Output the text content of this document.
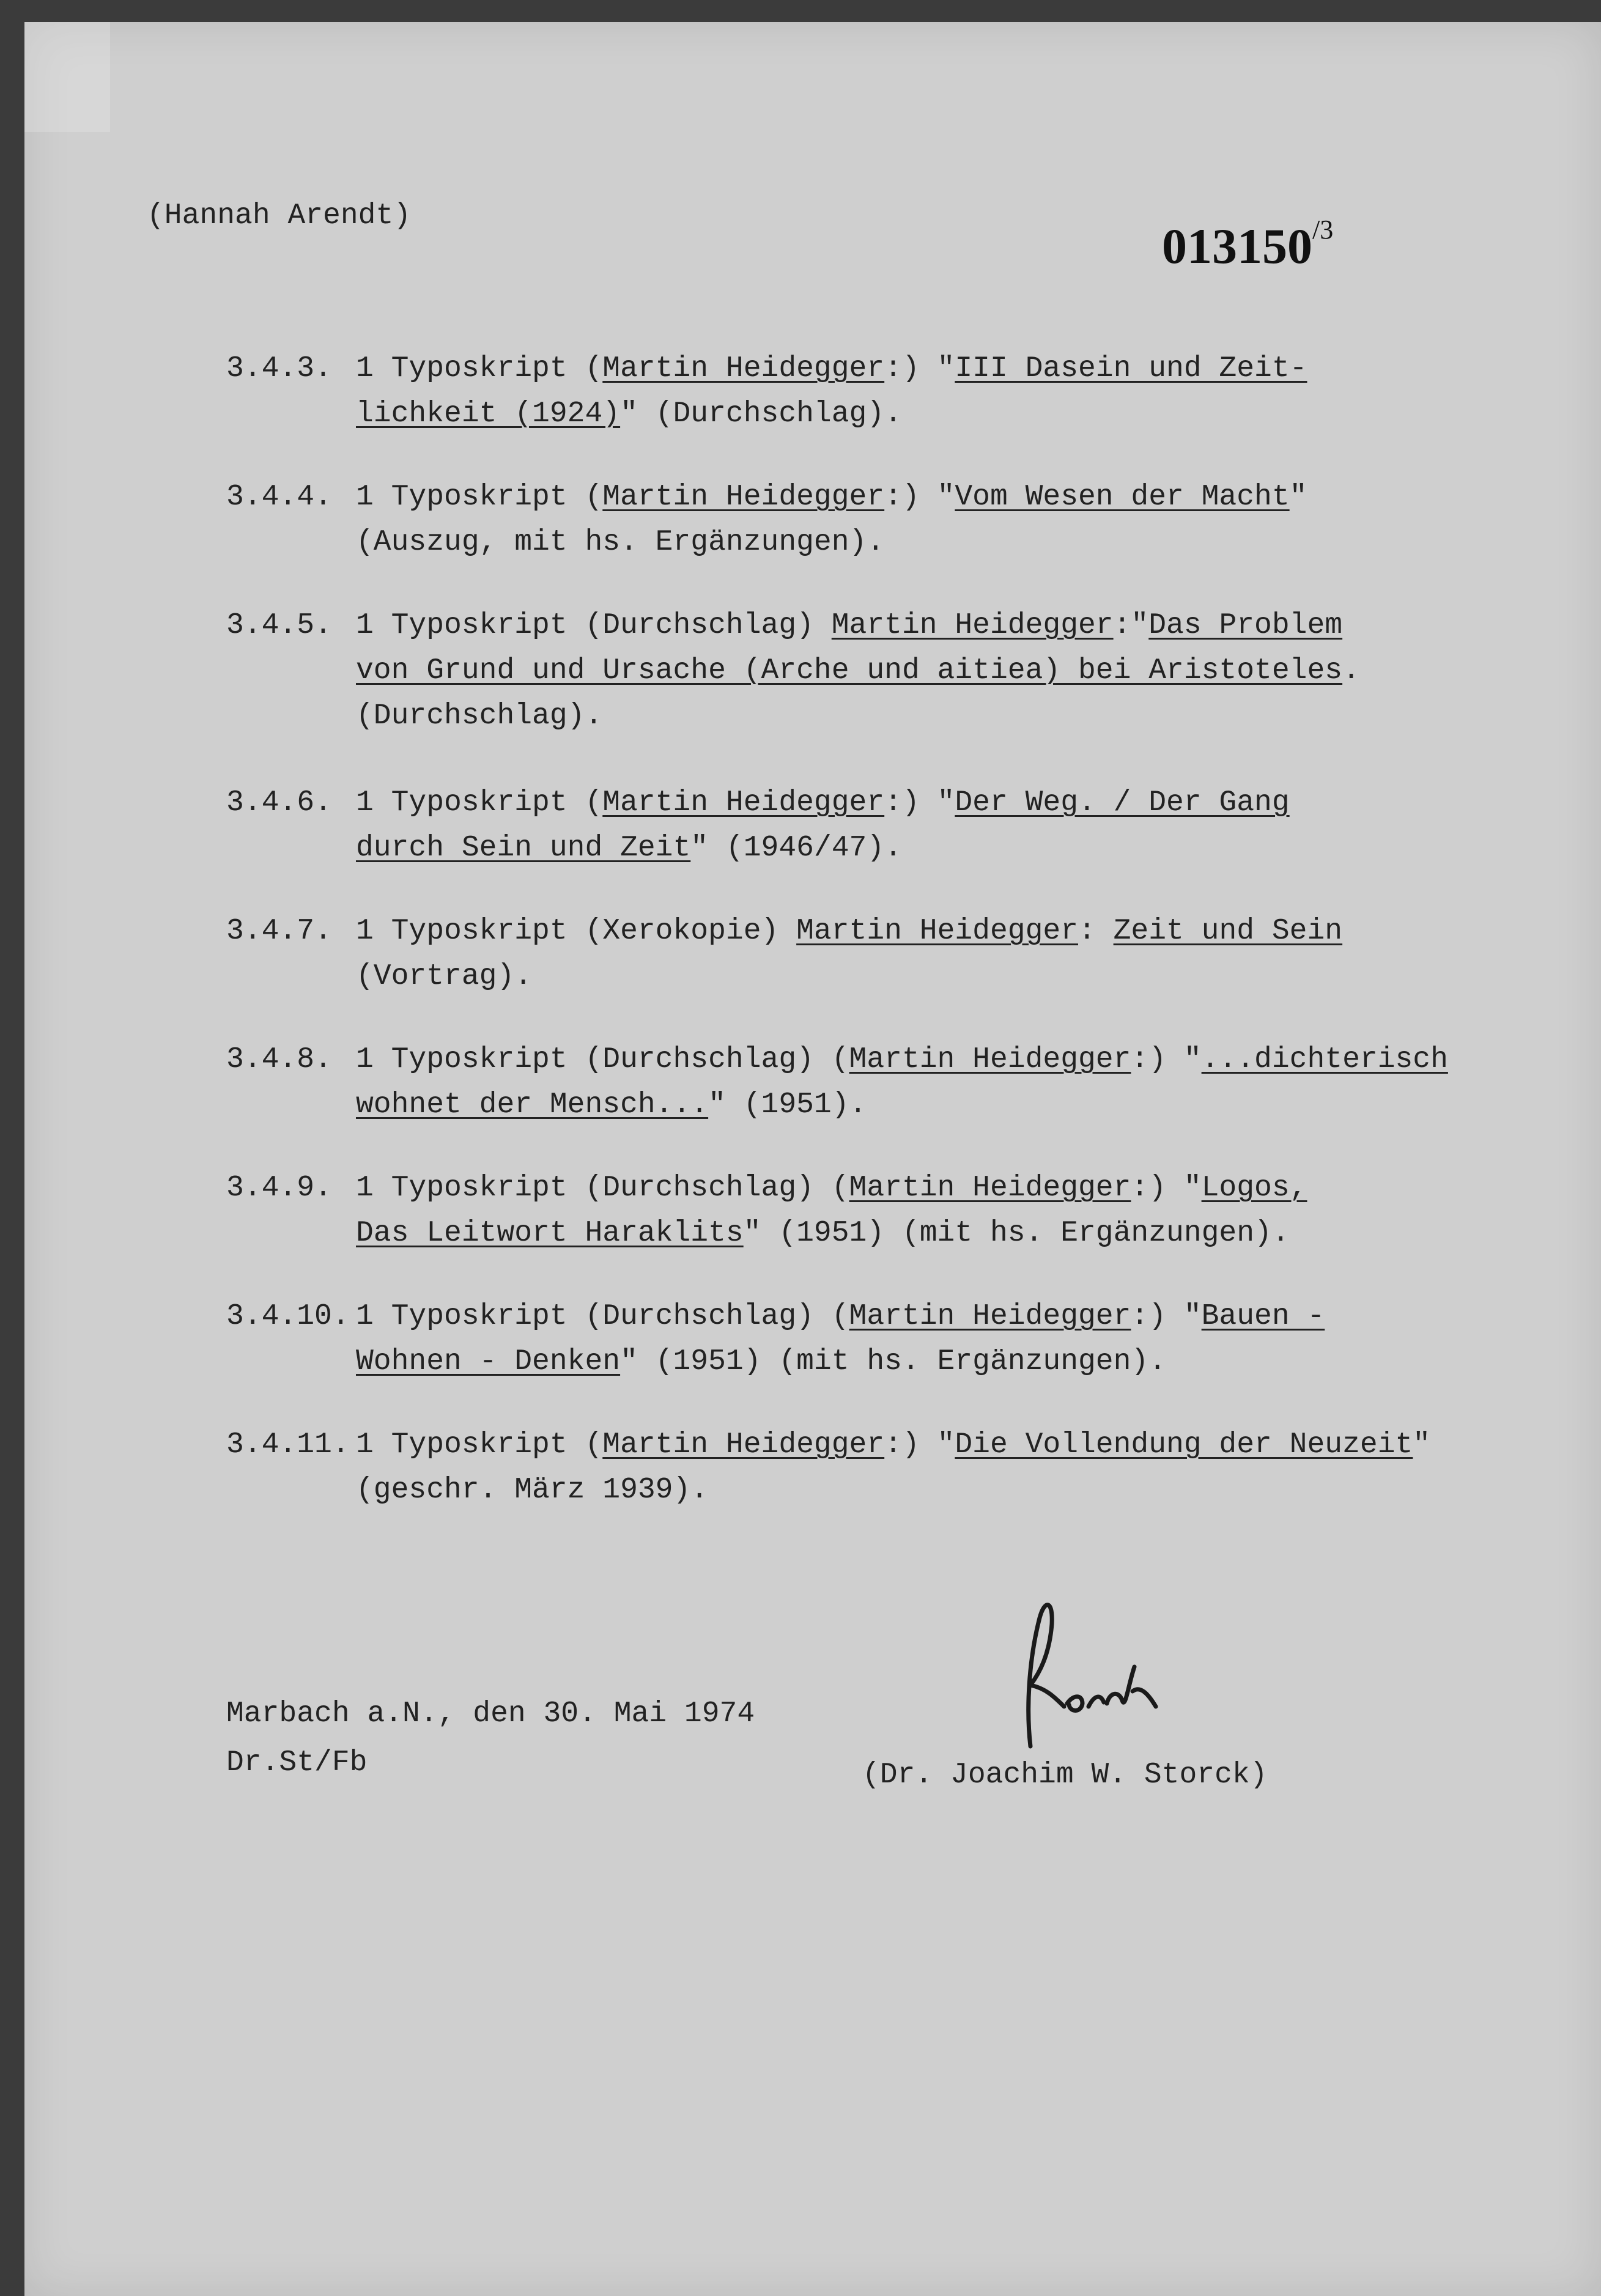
(Hannah Arendt)
$013150^{/3}$
3.4.3. 1 Typoskript (Martin Heidegger:) "III Dasein und Zeit-
lichkeit (1924)" (Durchschlag).
3.4.4. 1 Typoskript (Martin Heidegger:) "Vom Wesen der Macht"
(Auszug, mit hs. Ergänzungen).
3.4.5. 1 Typoskript (Durchschlag) Martin Heidegger:"Das Problem
von Grund und Ursache (Arche und aitiea) bei Aristoteles.
(Durchschlag).
3.4.6. 1 Typoskript (Martin Heidegger:) "Der Weg. / Der Gang
durch Sein und Zeit" (1946/47).
3.4.7. 1 Typoskript (Xerokopie) Martin Heidegger: Zeit und Sein
(Vortrag).
3.4.8. 1 Typoskript (Durchschlag) (Martin Heidegger:) "...dichterisch
wohnet der Mensch..." (1951).
3.4.9. 1 Typoskript (Durchschlag) (Martin Heidegger:) "Logos,
Das Leitwort Haraklits" (1951) (mit hs. Ergänzungen).
3.4.10. 1 Typoskript (Durchschlag) (Martin Heidegger:) "Bauen -
Wohnen - Denken" (1951) (mit hs. Ergänzungen).
3.4.11. 1 Typoskript (Martin Heidegger:) "Die Vollendung der Neuzeit"
(geschr. März 1939).
Marbach a.N., den 30. Mai 1974
Dr.St/Fb	(Dr. Joachim W. Storck)
